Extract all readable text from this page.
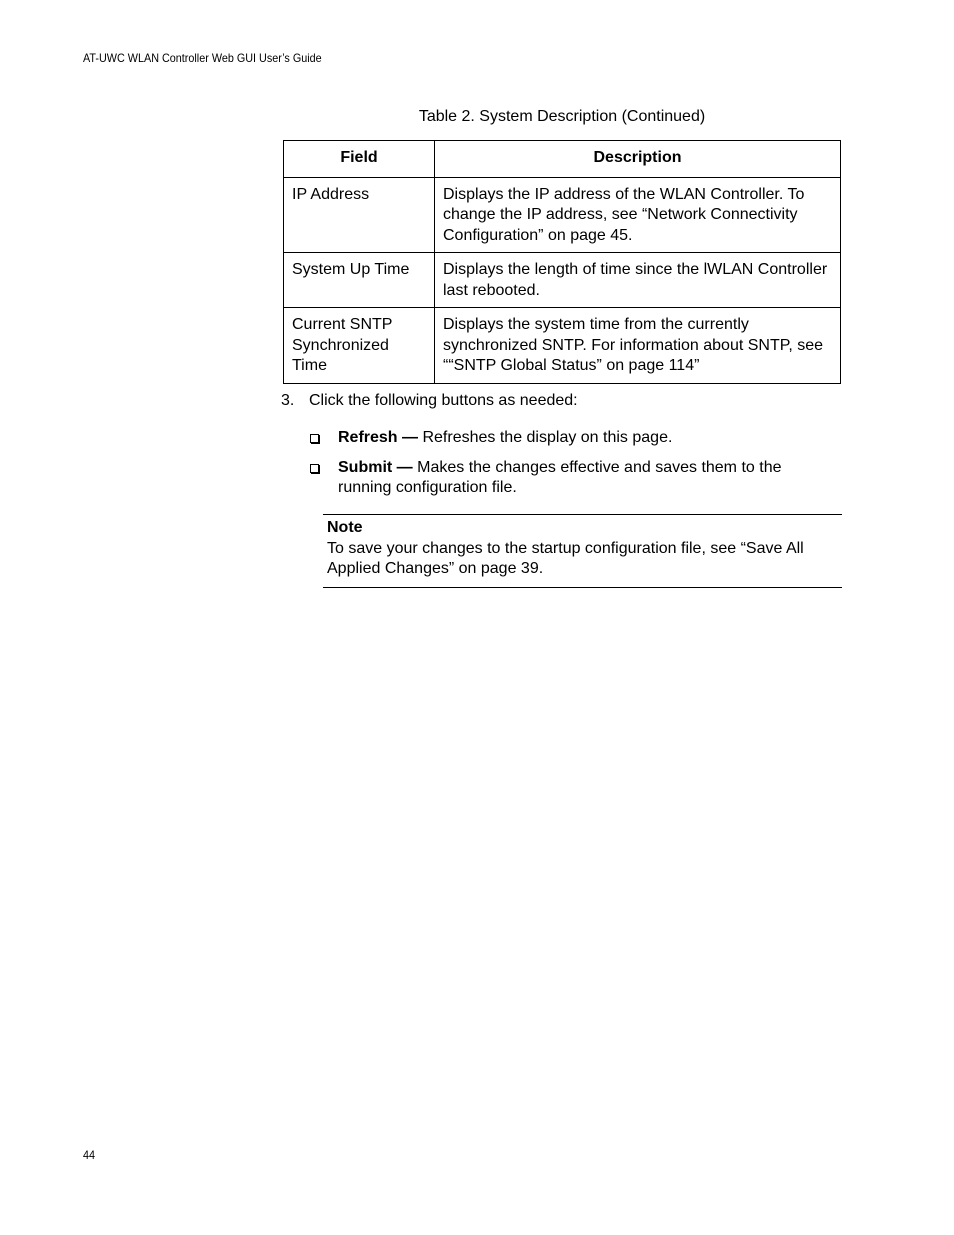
AT-UWC WLAN Controller Web GUI User’s Guide
Table 2. System Description (Continued)
Field	Description
IP Address	Displays the IP address of the WLAN Controller. To change the IP address, see “Network Connectivity Configuration” on page 45.
System Up Time	Displays the length of time since the lWLAN Controller last rebooted.
Current SNTP Synchronized Time	Displays the system time from the currently synchronized SNTP. For information about SNTP, see ““SNTP Global Status” on page 114”
3. Click the following buttons as needed:
Refresh — Refreshes the display on this page.
Submit — Makes the changes effective and saves them to the running configuration file.
Note
To save your changes to the startup configuration file, see “Save All Applied Changes” on page 39.
44
